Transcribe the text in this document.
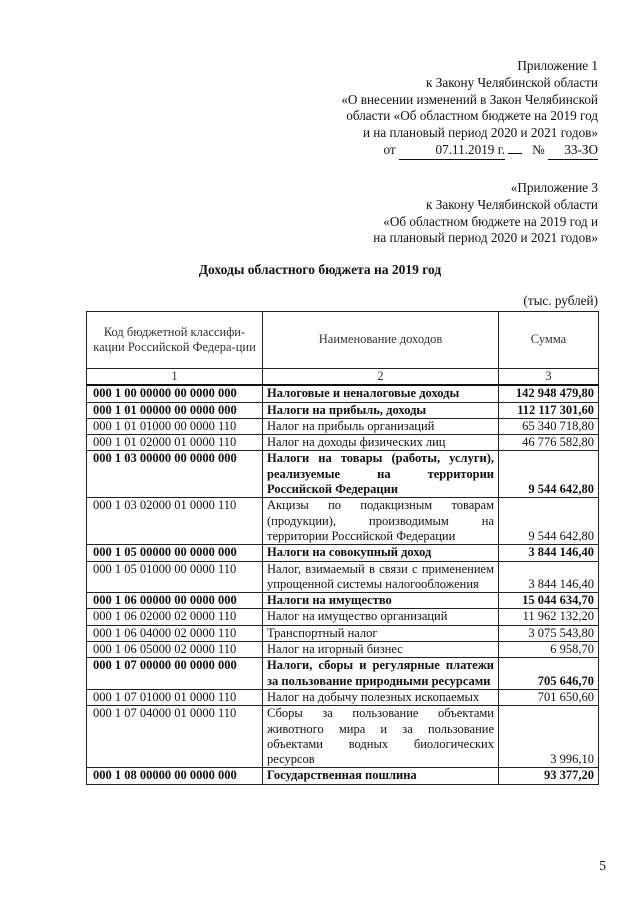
Приложение 1
к Закону Челябинской области
«О внесении изменений в Закон Челябинской
области «Об областном бюджете на 2019 год
и на плановый период 2020 и 2021 годов»
от	07.11.2019 г. № 33-ЗО
«Приложение 3
к Закону Челябинской области
«Об областном бюджете на 2019 год и
на плановый период 2020 и 2021 годов»
Доходы областного бюджета на 2019 год
(тыс. рублей)
Код бюджетной классифи-кации Российской Федера-ции	Наименование доходов	Сумма
1	2	3
000 1 00 00000 00 0000 000	Налоговые и неналоговые доходы	142 948 479,80
000 1 01 00000 00 0000 000	Налоги на прибыль, доходы	112 117 301,60
000 1 01 01000 00 0000 110	Налог на прибыль организаций	65 340 718,80
000 1 01 02000 01 0000 110	Налог на доходы физических лиц	46 776 582,80
000 1 03 00000 00 0000 000	Налоги на товары (работы, услуги), реализуемые на территории Российской Федерации	9 544 642,80
000 1 03 02000 01 0000 110	Акцизы по подакцизным товарам (продукции), производимым на территории Российской Федерации	9 544 642,80
000 1 05 00000 00 0000 000	Налоги на совокупный доход	3 844 146,40
000 1 05 01000 00 0000 110	Налог, взимаемый в связи с применением упрощенной системы налогообложения	3 844 146,40
000 1 06 00000 00 0000 000	Налоги на имущество	15 044 634,70
000 1 06 02000 02 0000 110	Налог на имущество организаций	11 962 132,20
000 1 06 04000 02 0000 110	Транспортный налог	3 075 543,80
000 1 06 05000 02 0000 110	Налог на игорный бизнес	6 958,70
000 1 07 00000 00 0000 000	Налоги, сборы и регулярные платежи за пользование природными ресурсами	705 646,70
000 1 07 01000 01 0000 110	Налог на добычу полезных ископаемых	701 650,60
000 1 07 04000 01 0000 110	Сборы за пользование объектами животного мира и за пользование объектами водных биологических ресурсов	3 996,10
000 1 08 00000 00 0000 000	Государственная пошлина	93 377,20
5
